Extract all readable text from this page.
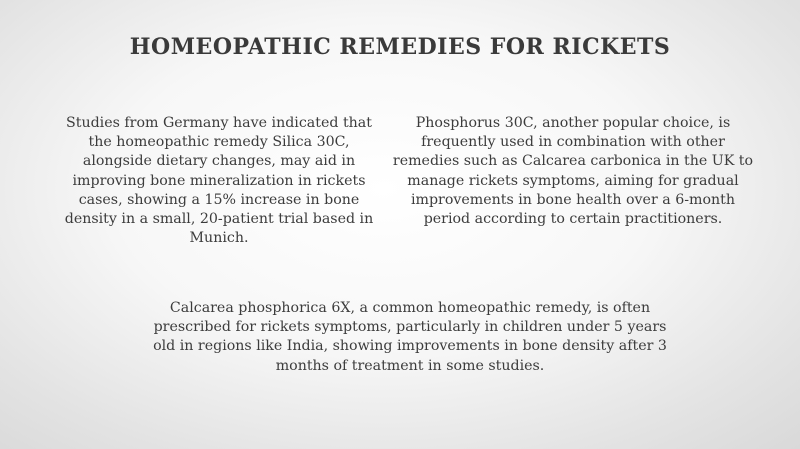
HOMEOPATHIC REMEDIES FOR RICKETS

Studies from Germany have indicated that the homeopathic remedy Silica 30C, alongside dietary changes, may aid in improving bone mineralization in rickets cases, showing a 15% increase in bone density in a small, 20-patient trial based in Munich.

Phosphorus 30C, another popular choice, is frequently used in combination with other remedies such as Calcarea carbonica in the UK to manage rickets symptoms, aiming for gradual improvements in bone health over a 6-month period according to certain practitioners.

Calcarea phosphorica 6X, a common homeopathic remedy, is often prescribed for rickets symptoms, particularly in children under 5 years old in regions like India, showing improvements in bone density after 3 months of treatment in some studies.
